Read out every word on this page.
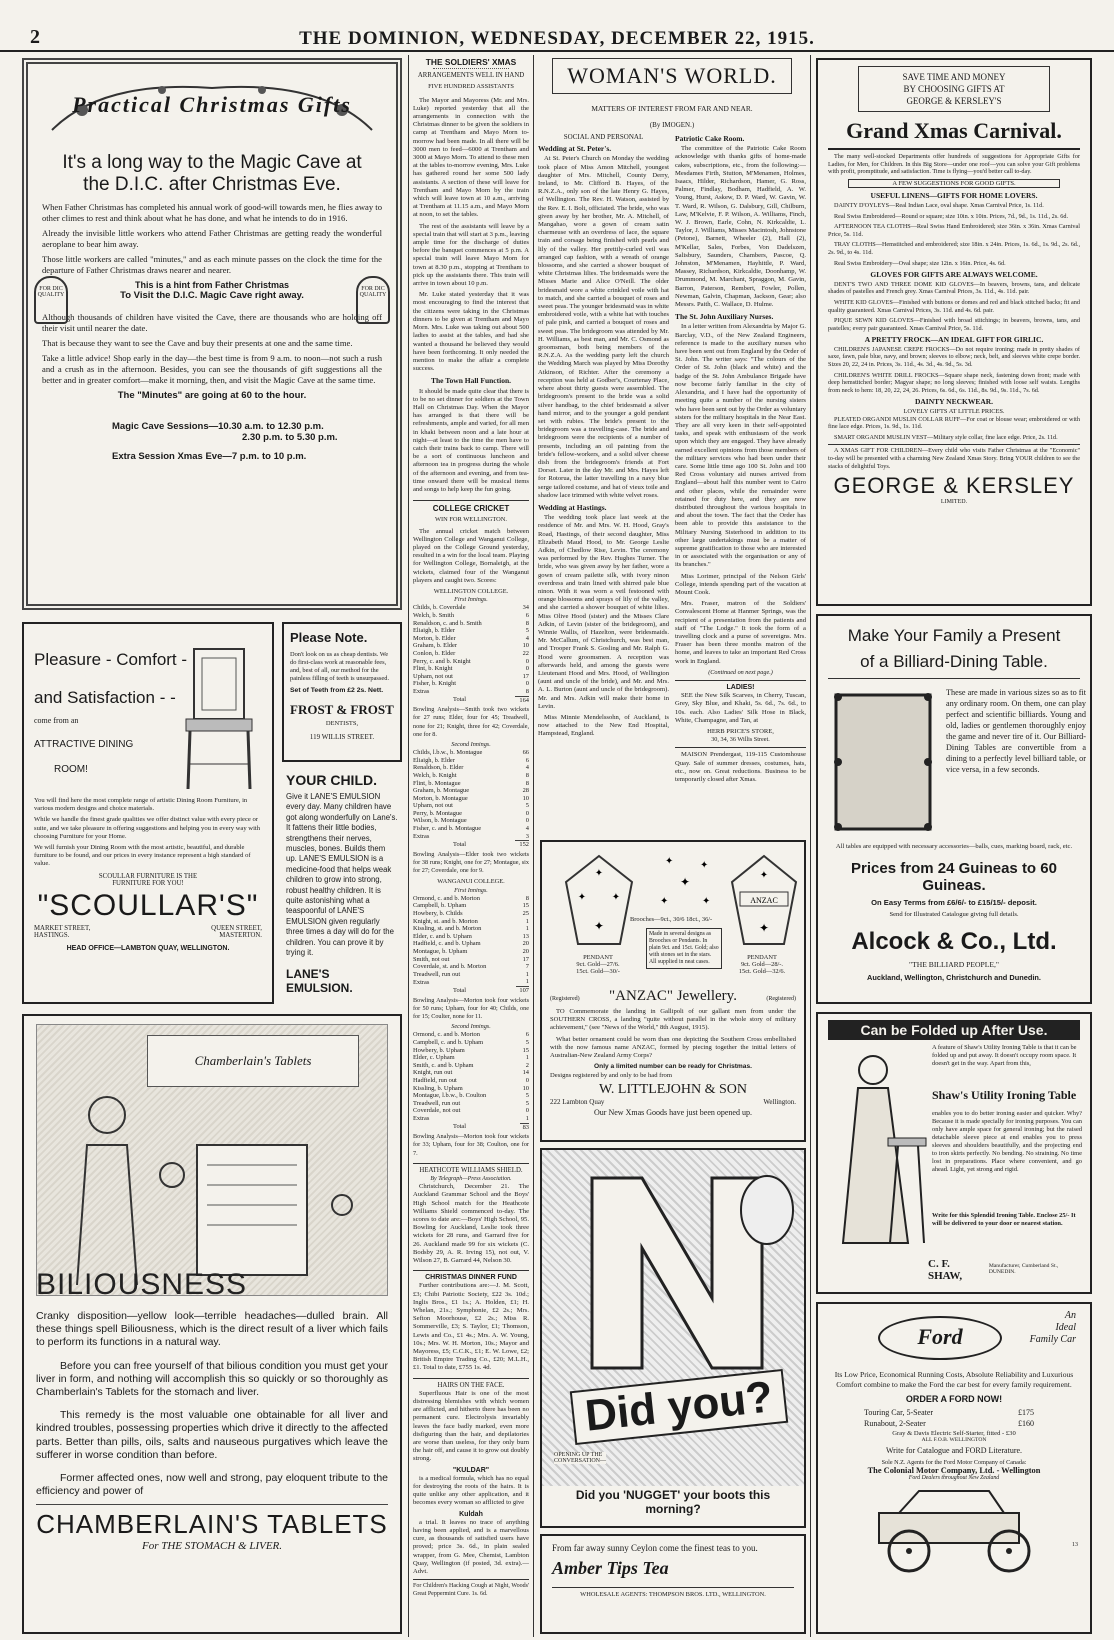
2	THE DOMINION, WEDNESDAY, DECEMBER 22, 1915.
Practical Christmas Gifts
It's a long way to the Magic Cave at
the D.I.C. after Christmas Eve.

When Father Christmas has completed his annual work of good-will towards men, he flies away to other climes to rest and think about what he has done, and what he intends to do in 1916.

Already the invisible little workers who attend Father Christmas are getting ready the wonderful aeroplane to bear him away.

Those little workers are called "minutes," and as each minute passes on the clock the time for the departure of Father Christmas draws nearer and nearer.

FOR DIC QUALITY
FOR DIC QUALITY
This is a hint from Father Christmas
To Visit the D.I.C. Magic Cave right away.

Although thousands of children have visited the Cave, there are thousands who are holding off their visit until nearer the date.

That is because they want to see the Cave and buy their presents at one and the same time.

Take a little advice! Shop early in the day—the best time is from 9 a.m. to noon—not such a rush and a crush as in the afternoon. Besides, you can see the thousands of gift suggestions all the better and in greater comfort—make it morning, then, and visit the Magic Cave at the same time.

The "Minutes" are going at 60 to the hour.
Magic Cave Sessions—10.30 a.m. to 12.30 p.m.
2.30 p.m. to 5.30 p.m.
Extra Session Xmas Eve—7 p.m. to 10 p.m.
Pleasure - Comfort -
and Satisfaction - -
come from an
ATTRACTIVE DINING
ROOM!

You will find here the most complete range of artistic Dining Room Furniture, in various modern designs and choice materials.

While we handle the finest grade qualities we offer distinct value with every piece or suite, and we take pleasure in offering suggestions and helping you in every way with choosing Furniture for your Home.

We will furnish your Dining Room with the most artistic, beautiful, and durable furniture to be found, and our prices in every instance represent a high standard of value.

SCOULLAR FURNITURE IS THE
FURNITURE FOR YOU!
"SCOULLAR'S"
MARKET STREET,
HASTINGS.
QUEEN STREET,
MASTERTON.
HEAD OFFICE—LAMBTON QUAY, WELLINGTON.
Please Note.
Don't look on us as cheap dentists. We do first-class work at reasonable fees, and, best of all, our method for the painless filling of teeth is unsurpassed.
Set of Teeth from £2 2s. Nett.
FROST & FROST
DENTISTS,
119 WILLIS STREET.
YOUR CHILD.
Give it LANE'S EMULSION every day. Many children have got along wonderfully on Lane's. It fattens their little bodies, strengthens their nerves, muscles, bones. Builds them up. LANE'S EMULSION is a medicine-food that helps weak children to grow into strong, robust healthy children. It is quite astonishing what a teaspoonful of LANE'S EMULSION given regularly three times a day will do for the children. You can prove it by trying it.
LANE'S EMULSION.
Chamberlain's Tablets
BILIOUSNESS

Cranky disposition—yellow look—terrible headaches—dulled brain. All these things spell Biliousness, which is the direct result of a liver which fails to perform its functions in a natural way.

Before you can free yourself of that bilious condition you must get your liver in form, and nothing will accomplish this so quickly or so thoroughly as Chamberlain's Tablets for the stomach and liver.

This remedy is the most valuable one obtainable for all liver and kindred troubles, possessing properties which drive it directly to the affected parts. Better than pills, oils, salts and nauseous purgatives which leave the sufferer in worse condition than before.

Former affected ones, now well and strong, pay eloquent tribute to the efficiency and power of

CHAMBERLAIN'S TABLETS
For THE STOMACH & LIVER.
THE SOLDIERS' XMAS
ARRANGEMENTS WELL IN HAND
FIVE HUNDRED ASSISTANTS

The Mayor and Mayoress (Mr. and Mrs. Luke) reported yesterday that all the arrangements in connection with the Christmas dinner to be given the soldiers in camp at Trentham and Mayo Morn to-morrow had been made. In all there will be 3000 men to feed—6000 at Trentham and 3000 at Mayo Morn. To attend to these men at the tables to-morrow evening, Mrs. Luke has gathered round her some 500 lady assistants. A section of these will leave for Trentham and Mayo Morn by the train which will leave town at 10 a.m., arriving at Trentham at 11.15 a.m., and Mayo Morn at noon, to set the tables.

The rest of the assistants will leave by a special train that will start at 3 p.m., leaving ample time for the discharge of duties before the banquet commences at 5 p.m. A special train will leave Mayo Morn for town at 8.30 p.m., stopping at Trentham to pick up the assistants there. This train will arrive in town about 10 p.m.

Mr. Luke stated yesterday that it was most encouraging to find the interest that the citizens were taking in the Christmas dinners to be given at Trentham and Mayo Morn. Mrs. Luke was taking out about 500 ladies to assist at the tables, and had she wanted a thousand he believed they would have been forthcoming. It only needed the mention to make the affair a complete success.

The Town Hall Function.

It should be made quite clear that there is to be no set dinner for soldiers at the Town Hall on Christmas Day. When the Mayor has arranged is that there will be refreshments, ample and varied, for all men in khaki between noon and a late hour at night—at least to the time the men have to catch their trains back to camp. There will be a sort of continuous luncheon and afternoon tea in progress during the whole of the afternoon and evening, and from tea-time onward there will be musical items and songs to help keep the fun going.

COLLEGE CRICKET
WIN FOR WELLINGTON.

The annual cricket match between Wellington College and Wanganui College, played on the College Ground yesterday, resulted in a win for the local team. Playing for Wellington College, Bornaleigh, at the wickets, claimed four of the Wanganui players and caught two. Scores:

WELLINGTON COLLEGE.
First Innings.
Childs, b. Coverdale	34
Welch, b. Smith	6
Renaldson, c. and b. Smith	8
Eliaigh, b. Elder	5
Morton, b. Elder	4
Graham, b. Elder	10
Conlon, b. Elder	22
Perry, c. and b. Knight	0
Flint, b. Knight	0
Upham, not out	17
Fisher, b. Knight	0
Extras	8
Total	164
Bowling Analysis—Smith took two wickets for 27 runs; Elder, four for 45; Treadwell, none for 21; Knight, three for 42; Coverdale, one for 8.
Second Innings.
Childs, l.b.w., b. Montague	66
Eliaigh, b. Elder	6
Renaldson, b. Elder	4
Welch, b. Knight	8
Flint, b. Montague	8
Graham, b. Montague	28
Morton, b. Montague	10
Upham, not out	5
Perry, b. Montague	0
Wilson, b. Montague	0
Fisher, c. and b. Montague	4
Extras	3
Total	152
Bowling Analysis—Elder took two wickets for 38 runs; Knight, one for 27; Montague, six for 27; Coverdale, one for 9.
WANGANUI COLLEGE.
First Innings.
Ormond, c. and b. Morton	8
Campbell, b. Upham	15
Howbery, b. Childs	25
Knight, st. and b. Morton	1
Kissling, st. and b. Morton	1
Elder, c. and b. Upham	13
Hadfield, c. and b. Upham	20
Montague, b. Upham	20
Smith, not out	17
Coverdale, st. and b. Morton	7
Treadwell, run out	1
Extras	1
Total	107
Bowling Analysis—Morton took four wickets for 50 runs; Upham, four for 40; Childs, one for 15; Coulter, none for 11.
Second Innings.
Ormond, c. and b. Morton	6
Campbell, c. and b. Upham	5
Howbery, b. Upham	15
Elder, c. Upham	1
Smith, c. and b. Upham	2
Knight, run out	14
Hadfield, run out	0
Kissling, b. Upham	10
Montague, l.b.w., b. Coulton	5
Treadwell, run out	5
Coverdale, not out	0
Extras	1
Total	83
Bowling Analysis—Morton took four wickets for 33; Upham, four for 38; Coulton, one for 7.
HEATHCOTE WILLIAMS SHIELD.
By Telegraph—Press Association.

Christchurch, December 21. The Auckland Grammar School and the Boys' High School match for the Heathcote Williams Shield commenced to-day. The scores to date are:—Boys' High School, 95. Bowling for Auckland, Leslie took three wickets for 28 runs, and Garrard five for 26. Auckland made 99 for six wickets (C. Bodsby 29, A. R. Irving 15), not out, V. Wilson 27, B. Garrard 44, Nelson 30.

CHRISTMAS DINNER FUND

Further contributions are:—J. M. Scott, £3; Chibi Patriotic Society, £22 3s. 10d.; Inglis Bros., £1 1s.; A. Holden, £1; H. Whelan, 21s.; Symphonie, £2 2s.; Mrs. Sefton Moorhouse, £2 2s.; Miss R. Sommerville, £3; S. Taylor, £1; Thomson, Lewis and Co., £1 4s.; Mrs. A. W. Young, 10s.; Mrs. W. H. Morton, 10s.; Mayor and Mayoress, £5; C.C.K., £1; E. W. Lowe, £2; British Empire Trading Co., £20; M.L.H., £1. Total to date, £755 1s. 4d.

HAIRS ON THE FACE.

Superfluous Hair is one of the most distressing blemishes with which women are afflicted, and hitherto there has been no permanent cure. Electrolysis invariably leaves the face badly marked, even more disfiguring than the hair, and depilatories are worse than useless, for they only burn the hair off, and cause it to grow out doubly strong.

"KULDAR"

is a medical formula, which has no equal for destroying the roots of the hairs. It is quite unlike any other application, and it becomes every woman so afflicted to give

Kuldah

a trial. It leaves no trace of anything having been applied, and is a marvellous cure, as thousands of satisfied users have proved; price 3s. 6d., in plain sealed wrapper, from G. Mee, Chemist, Lambton Quay, Wellington (if posted, 3d. extra).—Advt.

For Children's Hacking Cough at Night, Woods' Great Peppermint Cure. 1s. 6d.
WOMAN'S WORLD.
MATTERS OF INTEREST FROM FAR AND NEAR.
(By IMOGEN.)
SOCIAL AND PERSONAL
Wedding at St. Peter's.

At St. Peter's Church on Monday the wedding took place of Miss Amon Mitchell, youngest daughter of Mrs. Mitchell, County Derry, Ireland, to Mr. Clifford B. Hayes, of the R.N.Z.A., only son of the late Henry G. Hayes, of Wellington. The Rev. H. Watson, assisted by the Rev. E. I. Bolt, officiated. The bride, who was given away by her brother, Mr. A. Mitchell, of Mangahao, wore a gown of cream satin charmeuse with an overdress of lace, the square train and corsage being finished with pearls and lily of the valley. Her prettily-curled veil was arranged cap fashion, with a wreath of orange blossoms, and she carried a shower bouquet of white Christmas lilies. The bridesmaids were the Misses Marie and Alice O'Neill. The older bridesmaid wore a white crinkled voile with hat to match, and she carried a bouquet of roses and sweet peas. The younger bridesmaid was in white embroidered voile, with a white hat with touches of pale pink, and carried a bouquet of roses and sweet peas. The bridegroom was attended by Mr. H. Williams, as best man, and Mr. C. Osmond as groomsman, both being members of the R.N.Z.A. As the wedding party left the church the Wedding March was played by Miss Dorothy Atkinson, of Richter. After the ceremony a reception was held at Godber's, Courtenay Place, where about thirty guests were assembled. The bridegroom's present to the bride was a solid silver handbag, to the chief bridesmaid a silver hand mirror, and to the younger a gold pendant set with rubies. The bride's present to the bridegroom was a travelling-case. The bride and bridegroom were the recipients of a number of presents, including an oil painting from the bride's fellow-workers, and a solid silver cheese dish from the bridegroom's friends at Fort Dorset. Later in the day Mr. and Mrs. Hayes left for Rotorua, the latter travelling in a navy blue serge tailored costume, and hat of vieux toile and shadow lace trimmed with white velvet roses.

Wedding at Hastings.

The wedding took place last week at the residence of Mr. and Mrs. W. H. Hood, Gray's Road, Hastings, of their second daughter, Miss Elizabeth Maud Hood, to Mr. George Leslie Adkin, of Chedlow Rise, Levin. The ceremony was performed by the Rev. Hughes Turner. The bride, who was given away by her father, wore a gown of cream pailette silk, with ivory ninon overdress and train lined with shirred pale blue ninon. With it was worn a veil festooned with orange blossoms and sprays of lily of the valley, and she carried a shower bouquet of white lilies. Miss Olive Hood (sister) and the Misses Clare Adkin, of Levin (sister of the bridegroom), and Winnie Wallis, of Hazelton, were bridesmaids. Mr. McCallum, of Christchurch, was best man, and Trooper Frank S. Gosling and Mr. Ralph G. Hood were groomsmen. A reception was afterwards held, and among the guests were Lieutenant Hood and Mrs. Hood, of Wellington (aunt and uncle of the bride), and Mr. and Mrs. A. L. Burton (aunt and uncle of the bridegroom). Mr. and Mrs. Adkin will make their home in Levin.

Miss Minnie Mendelssohn, of Auckland, is now attached to the New End Hospital, Hampstead, England.

Patriotic Cake Room.

The committee of the Patriotic Cake Room acknowledge with thanks gifts of home-made cakes, subscriptions, etc., from the following:—Mesdames Firth, Stutton, M'Menamen, Holmes, Isaacs, Hilder, Richardson, Hamer, G. Ross, Palmer, Findlay, Bodham, Hadfield, A. W. Young, Hurst, Askew, D. P. Ward, W. Gavin, W. T. Ward, R. Wilson, G. Dalsbury, Gill, Chilburn, Law, M'Kelvie, F. P. Wilson, A. Williams, Finch, W. J. Brown, Earle, Cohn, N. Kirkcaldie, L. Taylor, J. Williams, Misses Macintosh, Johnstone (Petone), Barnett, Wheeler (2), Hall (2), M'Kellar, Sales, Forbes, Von Dadelszen, Salisbury, Saunders, Chambers, Pascoe, Q. Johnston, M'Menamen, Hayhittle, P. Ward, Massey, Richardson, Kirkcaldie, Doonhamp, W. Drummond, M. Marchant, Spraggon, M. Gavin, Barron, Paterson, Rembert, Fowler, Pollen, Newman, Galvin, Chapman, Jackson, Gear; also Messrs. Paith, C. Wallace, D. Hulme.

The St. John Auxiliary Nurses.

In a letter written from Alexandria by Major G. Barclay, V.D., of the New Zealand Engineers, reference is made to the auxiliary nurses who have been sent out from England by the Order of St. John. The writer says: "The colours of the Order of St. John (black and white) and the badge of the St. John Ambulance Brigade have now become fairly familiar in the city of Alexandria, and I have had the opportunity of meeting quite a number of the nursing sisters who have been sent out by the Order as voluntary sisters for the military hospitals in the Near East. They are all very keen in their self-appointed tasks, and speak with enthusiasm of the work upon which they are engaged. They have already earned excellent opinions from those members of the military services who had been under their care. Some little time ago 100 St. John and 100 Red Cross voluntary aid nurses arrived from England—about half this number went to Cairo and other places, while the remainder were retained for duty here, and they are now distributed throughout the various hospitals in and about the town. The fact that the Order has been able to provide this assistance to the Military Nursing Sisterhood in addition to its other large undertakings must be a matter of supreme gratification to those who are interested in or associated with the organisation or any of its branches."

Miss Lorimer, principal of the Nelson Girls' College, intends spending part of the vacation at Mount Cook.

Mrs. Fraser, matron of the Soldiers' Convalescent Home at Hanmer Springs, was the recipient of a presentation from the patients and staff of "The Lodge." It took the form of a travelling clock and a purse of sovereigns. Mrs. Fraser has been three months matron of the home, and leaves to take an important Red Cross work in England.

(Continued on next page.)
LADIES!

SEE the New Silk Scarves, in Cherry, Tuscan, Grey, Sky Blue, and Khaki, 5s. 6d., 7s. 6d., to 10s. each. Also Ladies' Silk Hose in Black, White, Champagne, and Tan, at

HERB PRICE'S STORE,
30, 34, 36 Willis Street.

MAISON Prendergast, 119-115 Customhouse Quay. Sale of summer dresses, costumes, hats, etc., now on. Great reductions. Business to be temporarily closed after Xmas.

✦
✦	✦
✦
✦	✦
✦
✦	✦	ANZAC
✦
✦
Brooches—9ct., 30/6 18ct., 36/-
Made in several designs as Brooches or Pendants. In plain 9ct. and 15ct. Gold; also with stones set in the stars. All supplied in neat cases.
PENDANT
9ct. Gold—27/6.
15ct. Gold—30/-
PENDANT
9ct. Gold—28/-.
15ct. Gold—32/6.
(Registered) "ANZAC" Jewellery.	(Registered)

TO Commemorate the landing in Gallipoli of our gallant men from under the SOUTHERN CROSS, a landing "quite without parallel in the whole story of military achievement," (see "News of the World," 8th August, 1915).

What better ornament could be worn than one depicting the Southern Cross embellished with the now famous name ANZAC, formed by piecing together the initial letters of Australian-New Zealand Army Corps?

Only a limited number can be ready for Christmas.
Designs registered by and only to be had from
W. LITTLEJOHN & SON
222 Lambton Quay	Wellington.
Our New Xmas Goods have just been opened up.
Did you?
OPENING UP THE
CONVERSATION—
Did you 'NUGGET' your boots this morning?
From far away sunny Ceylon come the finest teas to you.
Amber Tips Tea
WHOLESALE AGENTS: THOMPSON BROS. LTD., WELLINGTON.
SAVE TIME AND MONEY
BY CHOOSING GIFTS AT
GEORGE & KERSLEY'S
Grand Xmas Carnival.

The many well-stocked Departments offer hundreds of suggestions for Appropriate Gifts for Ladies, for Men, for Children. In this Big Store—under one roof—you can solve your Gift problems with profit, promptitude, and satisfaction. Time is flying—you'd better call to-day.

A FEW SUGGESTIONS FOR GOOD GIFTS.
USEFUL LINENS—GIFTS FOR HOME LOVERS.

DAINTY D'OYLEYS—Real Indian Lace, oval shape. Xmas Carnival Price, 1s. 11d.

Real Swiss Embroidered—Round or square; size 10in. x 10in. Prices, 7d., 9d., 1s. 11d., 2s. 6d.

AFTERNOON TEA CLOTHS—Real Swiss Hand Embroidered; size 36in. x 36in. Xmas Carnival Price, 5s. 11d.

TRAY CLOTHS—Hemstitched and embroidered; size 18in. x 24in. Prices, 1s. 6d., 1s. 9d., 2s. 6d., 2s. 9d., to 4s. 11d.

Real Swiss Embroidery—Oval shape; size 12in. x 16in. Price, 4s. 6d.

GLOVES FOR GIFTS ARE ALWAYS WELCOME.

DENT'S TWO AND THREE DOME KID GLOVES—In beavers, browns, tans, and delicate shades of pastelles and French grey. Xmas Carnival Prices, 3s. 11d., 4s. 11d. pair.

WHITE KID GLOVES—Finished with buttons or domes and red and black stitched backs; fit and quality guaranteed. Xmas Carnival Prices, 3s. 11d. and 4s. 6d. pair.

PIQUE SEWN KID GLOVES—Finished with broad stitchings; in beavers, browns, tans, and pastelles; every pair guaranteed. Xmas Carnival Price, 5s. 11d.

A PRETTY FROCK—AN IDEAL GIFT FOR GIRLIC.

CHILDREN'S JAPANESE CREPE FROCKS—Do not require ironing; made in pretty shades of saxe, fawn, pale blue, navy, and brown; sleeves to elbow; neck, belt, and sleeves white crepe border. Sizes 20, 22, 24 in. Prices, 3s. 11d., 4s. 3d., 4s. 9d., 5s. 3d.

CHILDREN'S WHITE DRILL FROCKS—Square shape neck, fastening down front; made with deep hemstitched border; Magyar shape; no long sleeves; finished with loose self waists. Lengths from neck to hem: 18, 20, 22, 24, 26. Prices, 6s. 6d., 6s. 11d., 8s. 9d., 9s. 11d., 7s. 6d.

DAINTY NECKWEAR.
LOVELY GIFTS AT LITTLE PRICES.

PLEATED ORGANDI MUSLIN COLLAR RUFF—For coat or blouse wear; embroidered or with fine lace edge. Prices, 1s. 9d., 1s. 11d.

SMART ORGANDI MUSLIN VEST—Military style collar, fine lace edge. Price, 2s. 11d.

A XMAS GIFT FOR CHILDREN—Every child who visits Father Christmas at the "Economic" to-day will be presented with a charming New Zealand Xmas Story. Bring YOUR children to see the stacks of delightful Toys.

GEORGE & KERSLEY
LIMITED.
Make Your Family a Present
of a Billiard-Dining Table.
These are made in various sizes so as to fit any ordinary room. On them, one can play perfect and scientific billiards. Young and old, ladies or gentlemen thoroughly enjoy the game and never tire of it. Our Billiard-Dining Tables are convertible from a dining to a perfectly level billiard table, or vice versa, in a few seconds.
All tables are equipped with necessary accessories—balls, cues, marking board, rack, etc.
Prices from 24 Guineas to 60 Guineas.
On Easy Terms from £6/6/- to £15/15/- deposit.
Send for Illustrated Catalogue giving full details.
Alcock & Co., Ltd.
"THE BILLIARD PEOPLE,"
Auckland, Wellington, Christchurch and Dunedin.
Can be Folded up After Use.
A feature of Shaw's Utility Ironing Table is that it can be folded up and put away. It doesn't occupy room space. It doesn't get in the way. Apart from this,
Shaw's Utility Ironing Table
enables you to do better ironing easier and quicker. Why? Because it is made specially for ironing purposes. You can only have ample space for general ironing; but the raised detachable sleeve piece at end enables you to press sleeves and shoulders beautifully, and the projecting end to iron skirts perfectly. No bending. No straining. No time lost in preparations. Place where convenient, and go ahead. Light, yet strong and rigid.
Write for this Splendid Ironing Table. Enclose 25/- It will be delivered to your door or nearest station.
C. F. SHAW,
Manufacturer, Cumberland St., DUNEDIN.
Ford
An
Ideal
Family Car
Its Low Price, Economical Running Costs, Absolute Reliability and Luxurious Comfort combine to make the Ford the car best for every family requirement.
ORDER A FORD NOW!
Touring Car, 5-Seater	£175
Runabout, 2-Seater	£160
Gray & Davis Electric Self-Starter, fitted - £30
ALL F.O.B. WELLINGTON
Write for Catalogue and FORD Literature.
Sole N.Z. Agents for the Ford Motor Company of Canada:
The Colonial Motor Company, Ltd. - Wellington
Ford Dealers throughout New Zealand
13
